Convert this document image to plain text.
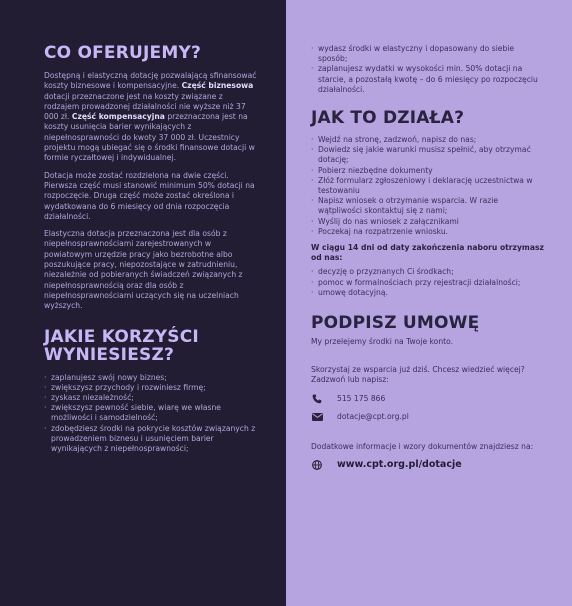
CO OFERUJEMY?

Dostępną i elastyczną dotację pozwalającą sfinansować koszty biznesowe i kompensacyjne. Część biznesowa dotacji przeznaczone jest na koszty związane z rodzajem prowadzonej działalności nie wyższe niż 37 000 zł. Część kompensacyjna przeznaczona jest na koszty usunięcia barier wynikających z niepełnosprawności do kwoty 37 000 zł. Uczestnicy projektu mogą ubiegać się o środki finansowe dotacji w formie ryczałtowej i indywidualnej.

Dotacja może zostać rozdzielona na dwie części. Pierwsza część musi stanowić minimum 50% dotacji na rozpoczęcie. Druga część może zostać określona i wydatkowana do 6 miesięcy od dnia rozpoczęcia działalności.

Elastyczna dotacja przeznaczona jest dla osób z niepełnosprawnościami zarejestrowanych w powiatowym urzędzie pracy jako bezrobotne albo poszukujące pracy, niepozostające w zatrudnieniu, niezależnie od pobieranych świadczeń związanych z niepełnosprawnością oraz dla osób z niepełnosprawnościami uczących się na uczelniach wyższych.

JAKIE KORZYŚCI
WYNIESIESZ?
· zaplanujesz swój nowy biznes;
· zwiększysz przychody i rozwiniesz firmę;
· zyskasz niezależność;
· zwiększysz pewność siebie, wiarę we własne możliwości i samodzielność;
· zdobędziesz środki na pokrycie kosztów związanych z prowadzeniem biznesu i usunięciem barier wynikających z niepełnosprawności;
· wydasz środki w elastyczny i dopasowany do siebie sposób;
· zaplanujesz wydatki w wysokości min. 50% dotacji na starcie, a pozostałą kwotę – do 6 miesięcy po rozpoczęciu działalności.
JAK TO DZIAŁA?
· Wejdź na stronę, zadzwoń, napisz do nas;
· Dowiedz się jakie warunki musisz spełnić, aby otrzymać dotację;
· Pobierz niezbędne dokumenty
· Złóż formularz zgłoszeniowy i deklarację uczestnictwa w testowaniu
· Napisz wniosek o otrzymanie wsparcia. W razie wątpliwości skontaktuj się z nami;
· Wyślij do nas wniosek z załącznikami
· Poczekaj na rozpatrzenie wniosku.

W ciągu 14 dni od daty zakończenia naboru otrzymasz od nas:

· decyzję o przyznanych Ci środkach;
· pomoc w formalnościach przy rejestracji działalności;
· umowę dotacyjną.
PODPISZ UMOWĘ

My przelejemy środki na Twoje konto.

Skorzystaj ze wsparcia już dziś. Chcesz wiedzieć więcej? Zadzwoń lub napisz:

515 175 866
dotacje@cpt.org.pl

Dodatkowe informacje i wzory dokumentów znajdziesz na:

www.cpt.org.pl/dotacje
